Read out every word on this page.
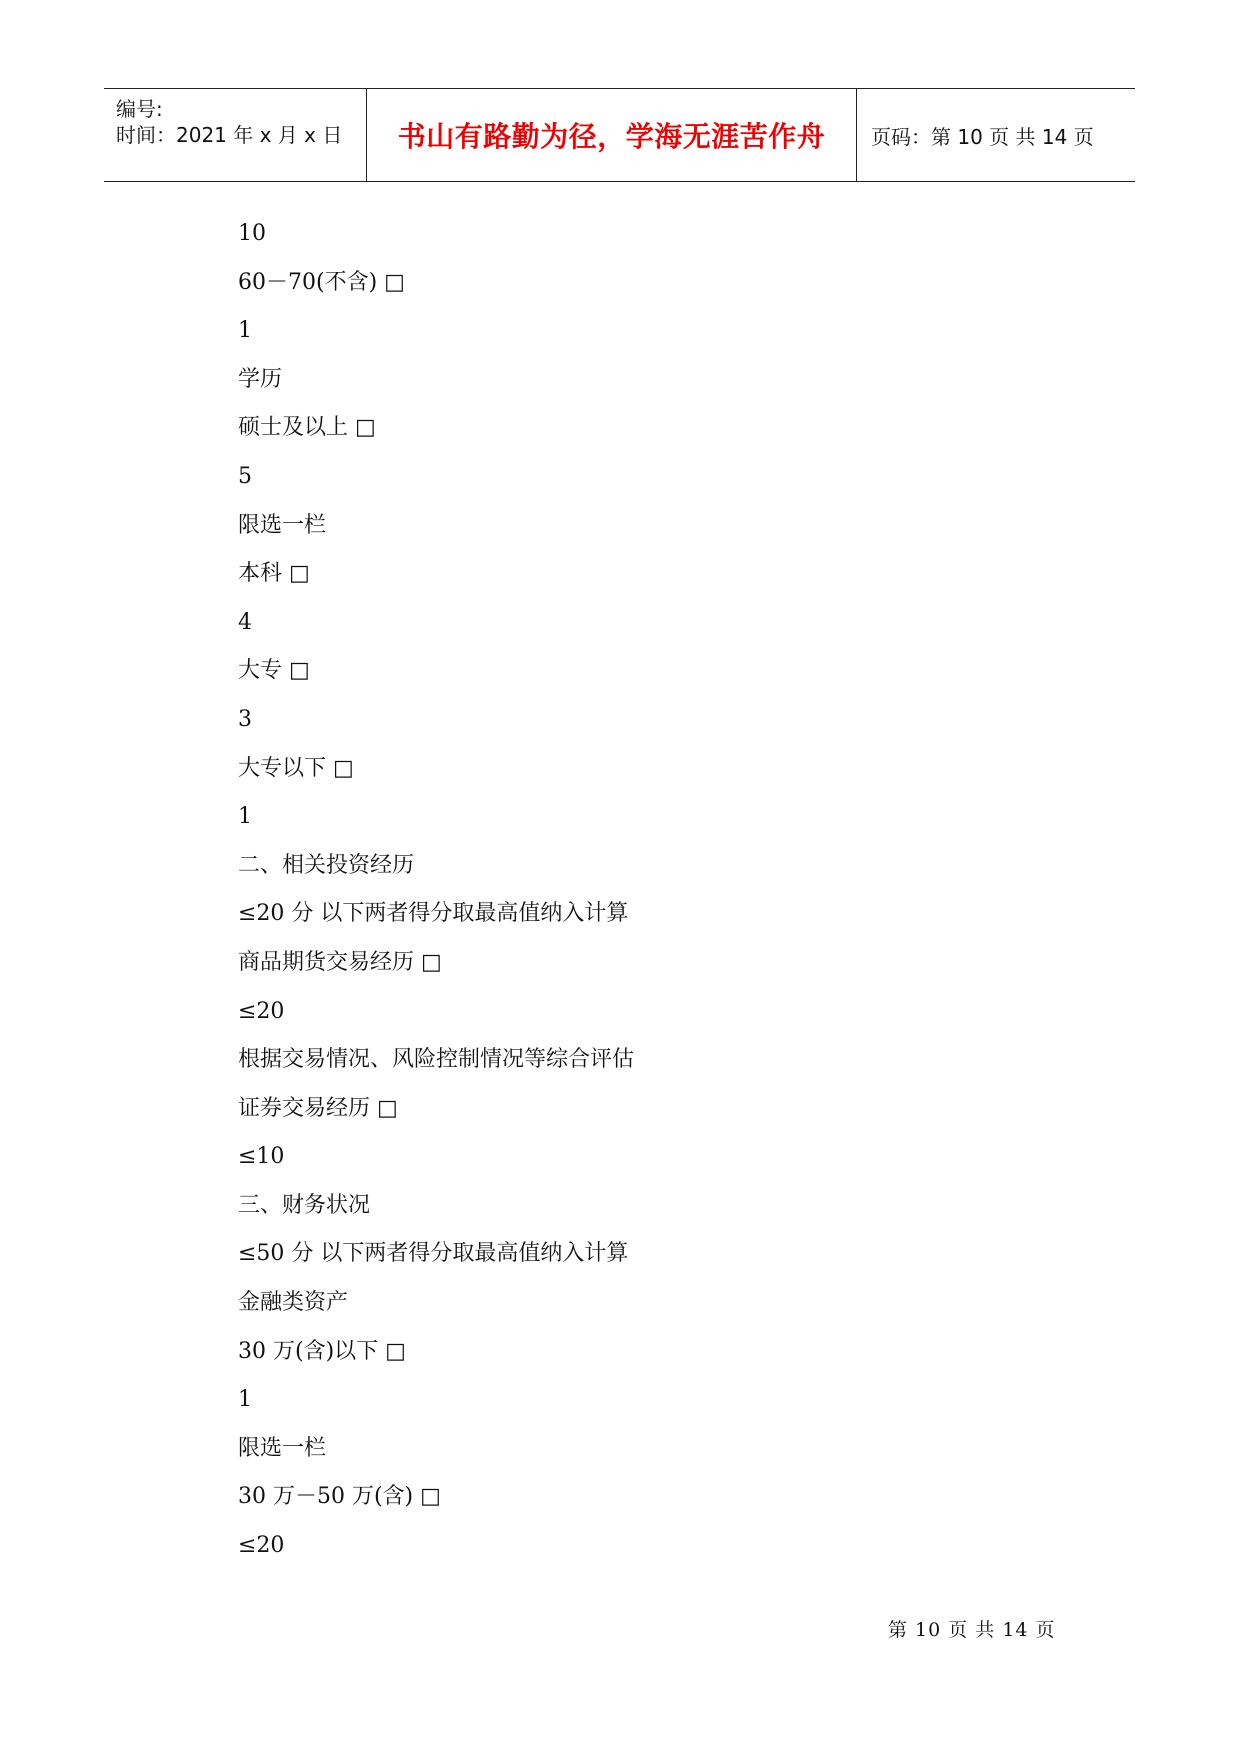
编号:
时间：2021 年 x 月 x 日 书山有路勤为径，学海无涯苦作舟 页码：第 10 页 共 14 页
10
60－70(不含) □
1
学历
硕士及以上 □
5
限选一栏
本科 □
4
大专 □
3
大专以下 □
1
二、相关投资经历
≤20 分 以下两者得分取最高值纳入计算
商品期货交易经历 □
≤20
根据交易情况、风险控制情况等综合评估
证券交易经历 □
≤10
三、财务状况
≤50 分 以下两者得分取最高值纳入计算
金融类资产
30 万(含)以下 □
1
限选一栏
30 万－50 万(含) □
≤20
第 10 页 共 14 页
